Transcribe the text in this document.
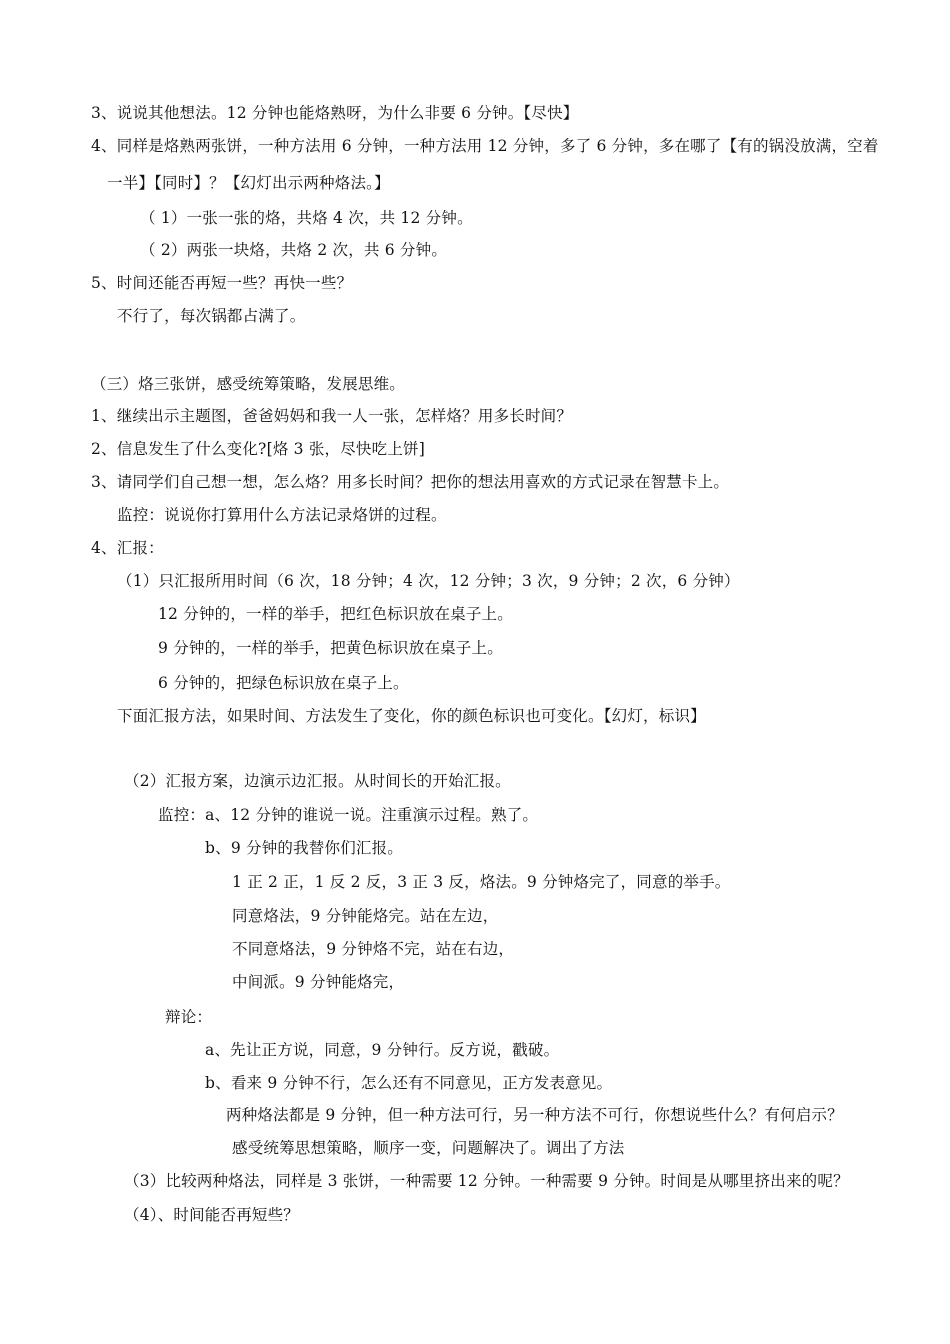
3、说说其他想法。12 分钟也能烙熟呀，为什么非要 6 分钟。【尽快】
4、同样是烙熟两张饼，一种方法用 6 分钟，一种方法用 12 分钟，多了 6 分钟，多在哪了【有的锅没放满，空着
一半】【同时】？【幻灯出示两种烙法。】
（ 1）一张一张的烙，共烙 4 次，共 12 分钟。
（ 2）两张一块烙，共烙 2 次，共 6 分钟。
5、时间还能否再短一些？再快一些？
不行了，每次锅都占满了。
（三）烙三张饼，感受统筹策略，发展思维。
1、继续出示主题图，爸爸妈妈和我一人一张，怎样烙？用多长时间？
2、信息发生了什么变化?[烙 3 张，尽快吃上饼]
3、请同学们自己想一想，怎么烙？用多长时间？把你的想法用喜欢的方式记录在智慧卡上。
监控：说说你打算用什么方法记录烙饼的过程。
4、汇报：
（1）只汇报所用时间（6 次，18 分钟；4 次，12 分钟；3 次，9 分钟；2 次，6 分钟）
12 分钟的，一样的举手，把红色标识放在桌子上。
9 分钟的，一样的举手，把黄色标识放在桌子上。
6 分钟的，把绿色标识放在桌子上。
下面汇报方法，如果时间、方法发生了变化，你的颜色标识也可变化。【幻灯，标识】
（2）汇报方案，边演示边汇报。从时间长的开始汇报。
监控：a、12 分钟的谁说一说。注重演示过程。熟了。
b、9 分钟的我替你们汇报。
1 正 2 正，1 反 2 反，3 正 3 反，烙法。9 分钟烙完了，同意的举手。
同意烙法，9 分钟能烙完。站在左边，
不同意烙法，9 分钟烙不完，站在右边，
中间派。9 分钟能烙完，
辩论：
a、先让正方说，同意，9 分钟行。反方说，戳破。
b、看来 9 分钟不行，怎么还有不同意见，正方发表意见。
两种烙法都是 9 分钟，但一种方法可行，另一种方法不可行，你想说些什么？有何启示？
感受统筹思想策略，顺序一变，问题解决了。调出了方法
（3）比较两种烙法，同样是 3 张饼，一种需要 12 分钟。一种需要 9 分钟。时间是从哪里挤出来的呢？
（4）、时间能否再短些？
